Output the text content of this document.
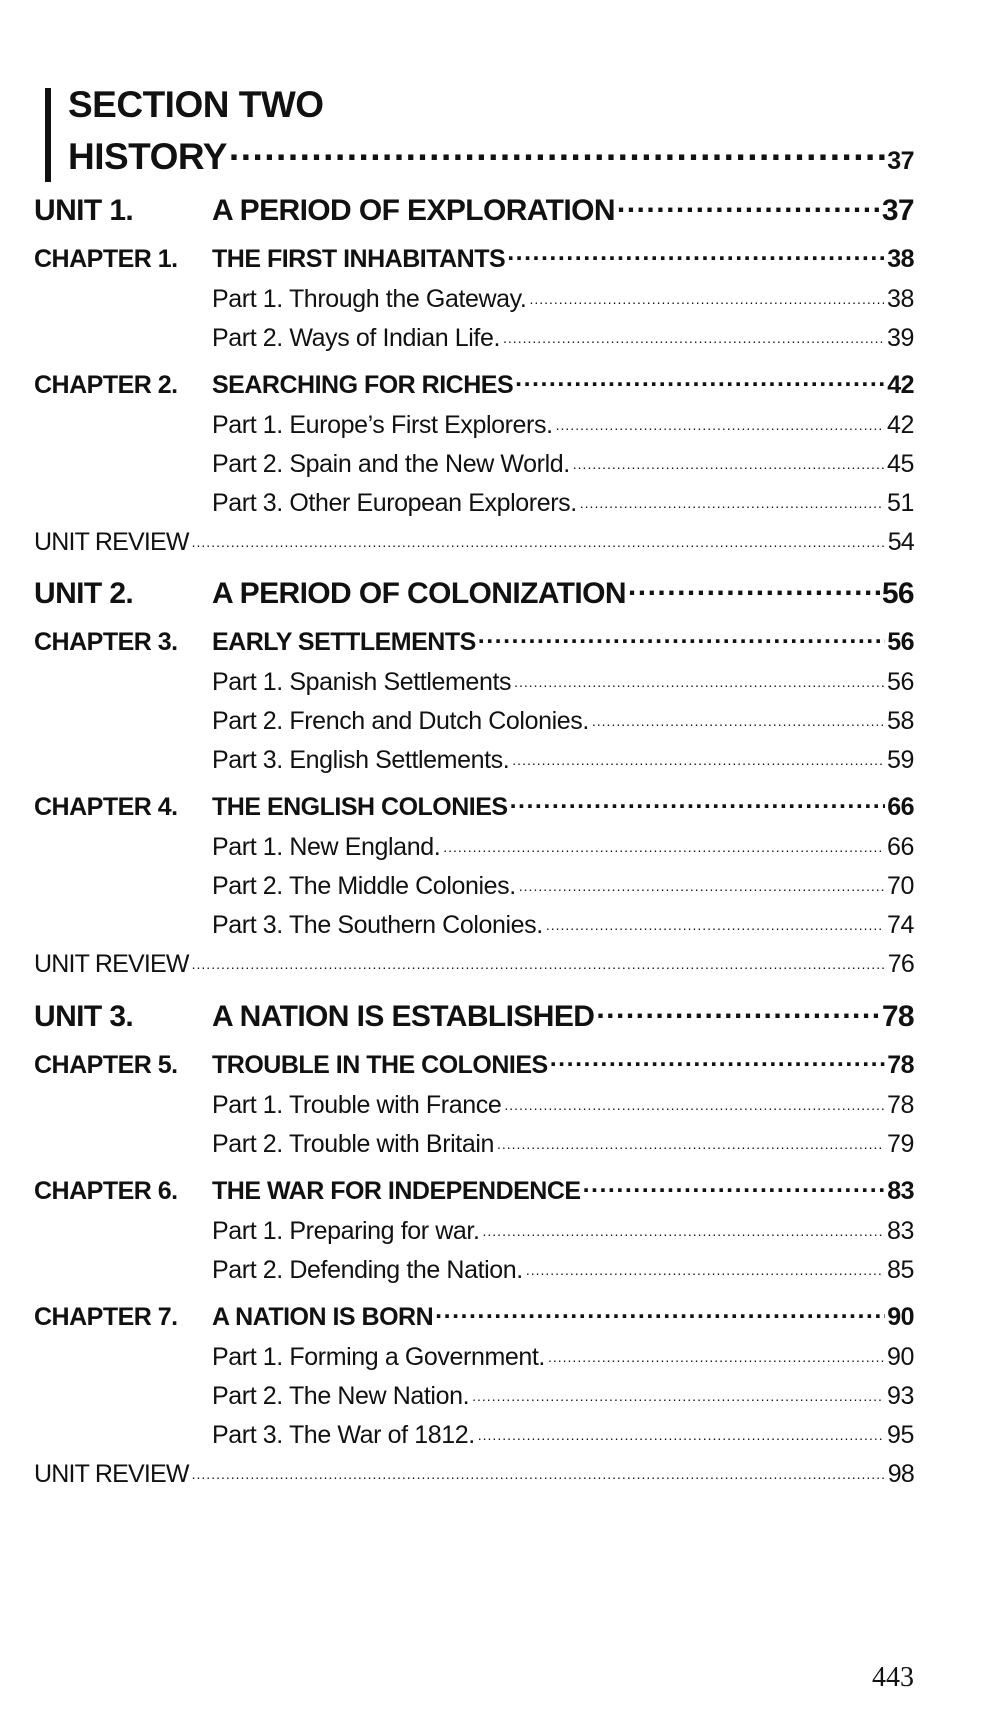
SECTION TWO
HISTORY .....	37
UNIT 1.	A PERIOD OF EXPLORATION .....	37
CHAPTER 1.	THE FIRST INHABITANTS .....	38
Part 1. Through the Gateway. .....	38
Part 2. Ways of Indian Life. .....	39
CHAPTER 2.	SEARCHING FOR RICHES .....	42
Part 1. Europe’s First Explorers. .....	42
Part 2. Spain and the New World. .....	45
Part 3. Other European Explorers. .....	51
UNIT REVIEW .....	54
UNIT 2.	A PERIOD OF COLONIZATION .....	56
CHAPTER 3.	EARLY SETTLEMENTS .....	56
Part 1. Spanish Settlements .....	56
Part 2. French and Dutch Colonies. .....	58
Part 3. English Settlements. .....	59
CHAPTER 4.	THE ENGLISH COLONIES .....	66
Part 1. New England. .....	66
Part 2. The Middle Colonies. .....	70
Part 3. The Southern Colonies. .....	74
UNIT REVIEW .....	76
UNIT 3.	A NATION IS ESTABLISHED .....	78
CHAPTER 5.	TROUBLE IN THE COLONIES .....	78
Part 1. Trouble with France .....	78
Part 2. Trouble with Britain .....	79
CHAPTER 6.	THE WAR FOR INDEPENDENCE .....	83
Part 1. Preparing for war. .....	83
Part 2. Defending the Nation. .....	85
CHAPTER 7.	A NATION IS BORN .....	90
Part 1. Forming a Government. .....	90
Part 2. The New Nation. .....	93
Part 3. The War of 1812. .....	95
UNIT REVIEW .....	98
443
